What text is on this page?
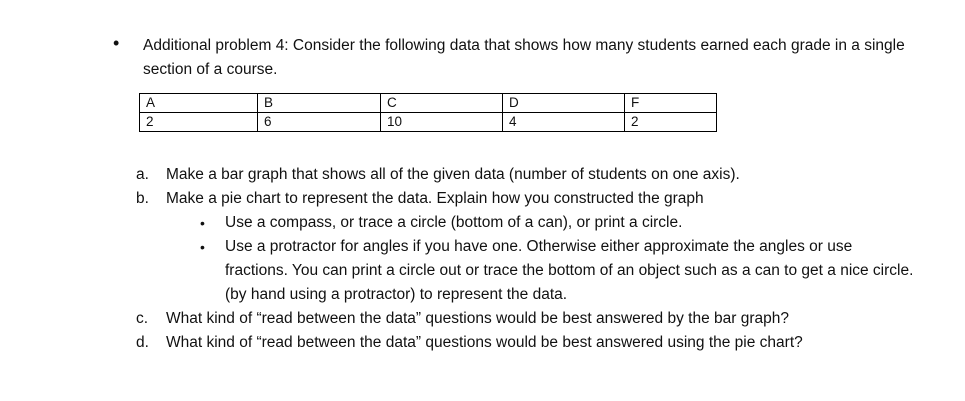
• Additional problem 4: Consider the following data that shows how many students earned each grade in a single section of a course.

A	B	C	D	F
2	6	10	4	2
a. Make a bar graph that shows all of the given data (number of students on one axis).
b. Make a pie chart to represent the data. Explain how you constructed the graph
• Use a compass, or trace a circle (bottom of a can), or print a circle.

• Use a protractor for angles if you have one. Otherwise either approximate the angles or use fractions. You can print a circle out or trace the bottom of an object such as a can to get a nice circle. (by hand using a protractor) to represent the data.

c. What kind of “read between the data” questions would be best answered by the bar graph?
d. What kind of “read between the data” questions would be best answered using the pie chart?
